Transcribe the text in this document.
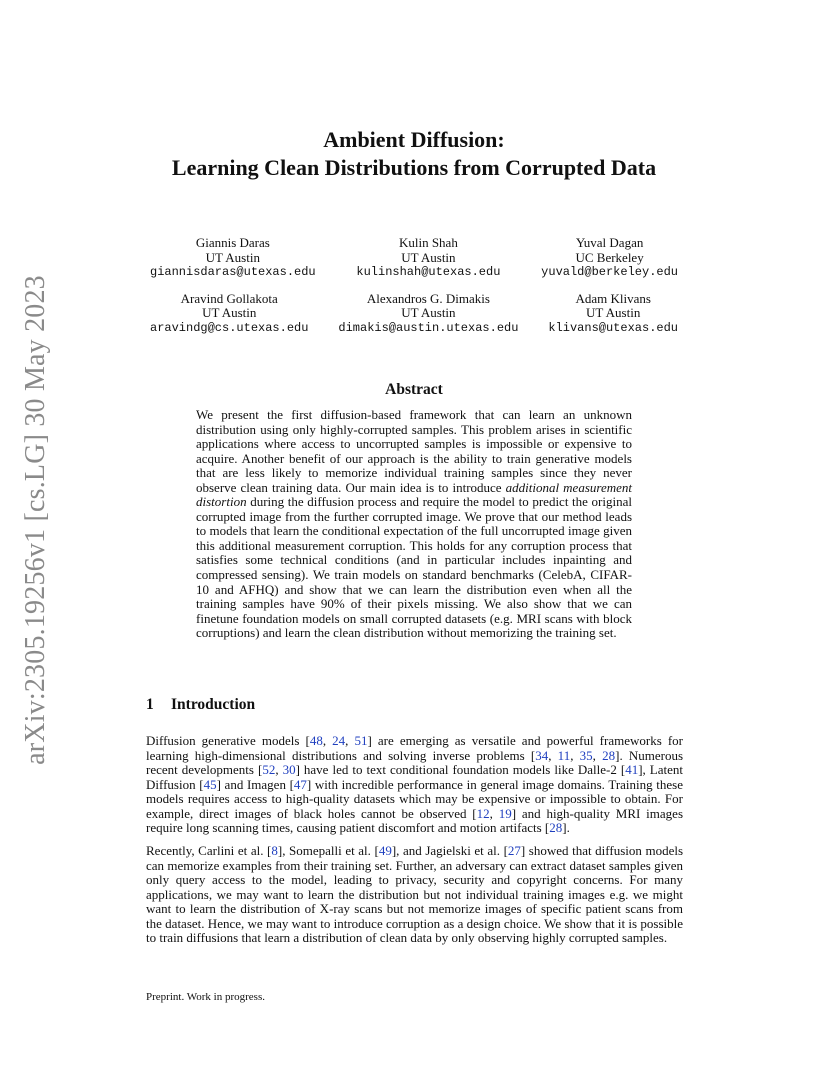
arXiv:2305.19256v1 [cs.LG] 30 May 2023
Ambient Diffusion:
Learning Clean Distributions from Corrupted Data
Giannis Daras
UT Austin
giannisdaras@utexas.edu
Kulin Shah
UT Austin
kulinshah@utexas.edu
Yuval Dagan
UC Berkeley
yuvald@berkeley.edu
Aravind Gollakota
UT Austin
aravindg@cs.utexas.edu
Alexandros G. Dimakis
UT Austin
dimakis@austin.utexas.edu
Adam Klivans
UT Austin
klivans@utexas.edu
Abstract

We present the first diffusion-based framework that can learn an unknown distribution using only highly-corrupted samples. This problem arises in scientific applications where access to uncorrupted samples is impossible or expensive to acquire. Another benefit of our approach is the ability to train generative models that are less likely to memorize individual training samples since they never observe clean training data. Our main idea is to introduce additional measurement distortion during the diffusion process and require the model to predict the original corrupted image from the further corrupted image. We prove that our method leads to models that learn the conditional expectation of the full uncorrupted image given this additional measurement corruption. This holds for any corruption process that satisfies some technical conditions (and in particular includes inpainting and compressed sensing). We train models on standard benchmarks (CelebA, CIFAR-10 and AFHQ) and show that we can learn the distribution even when all the training samples have 90% of their pixels missing. We also show that we can finetune foundation models on small corrupted datasets (e.g. MRI scans with block corruptions) and learn the clean distribution without memorizing the training set.

1 Introduction

Diffusion generative models [48, 24, 51] are emerging as versatile and powerful frameworks for learning high-dimensional distributions and solving inverse problems [34, 11, 35, 28]. Numerous recent developments [52, 30] have led to text conditional foundation models like Dalle-2 [41], Latent Diffusion [45] and Imagen [47] with incredible performance in general image domains. Training these models requires access to high-quality datasets which may be expensive or impossible to obtain. For example, direct images of black holes cannot be observed [12, 19] and high-quality MRI images require long scanning times, causing patient discomfort and motion artifacts [28].

Recently, Carlini et al. [8], Somepalli et al. [49], and Jagielski et al. [27] showed that diffusion models can memorize examples from their training set. Further, an adversary can extract dataset samples given only query access to the model, leading to privacy, security and copyright concerns. For many applications, we may want to learn the distribution but not individual training images e.g. we might want to learn the distribution of X-ray scans but not memorize images of specific patient scans from the dataset. Hence, we may want to introduce corruption as a design choice. We show that it is possible to train diffusions that learn a distribution of clean data by only observing highly corrupted samples.

Preprint. Work in progress.
